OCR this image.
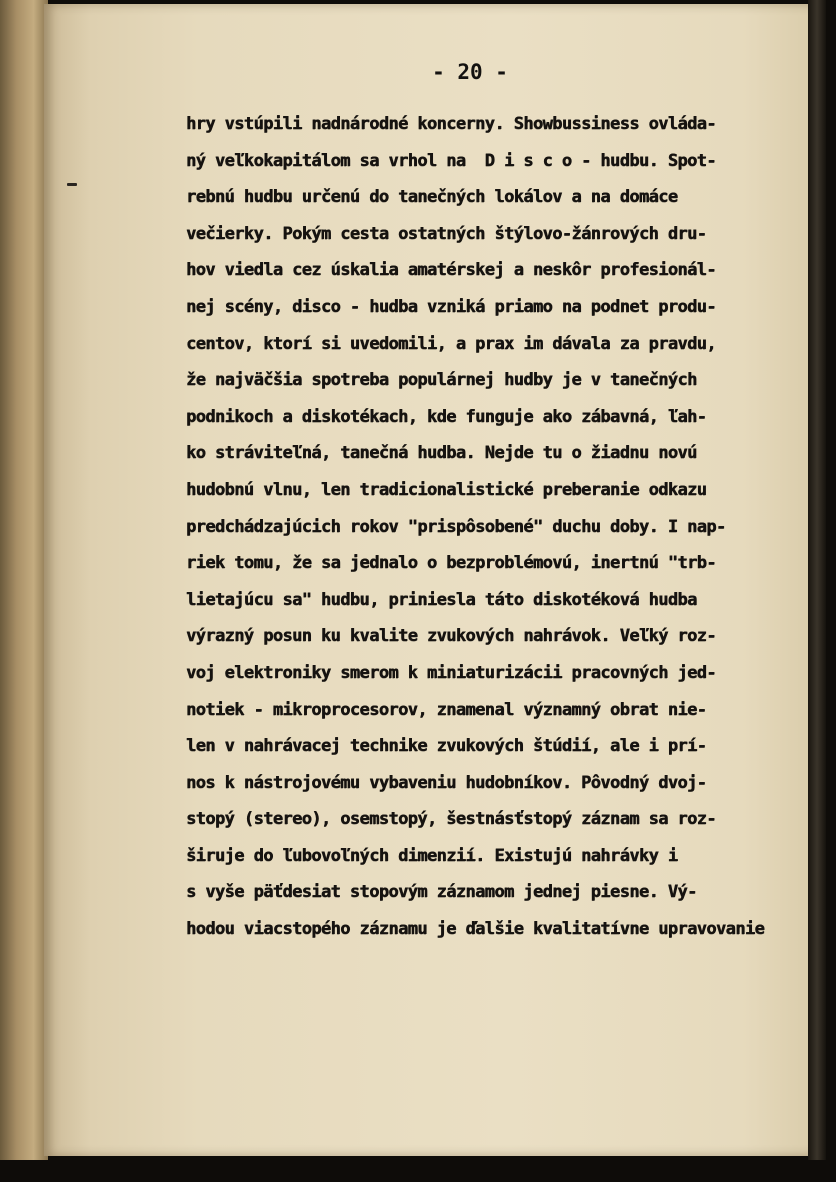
- 20 -
hry vstúpili nadnárodné koncerny. Showbussiness ovláda-
ný veľkokapitálom sa vrhol na  D i s c o - hudbu. Spot-
rebnú hudbu určenú do tanečných lokálov a na domáce
večierky. Pokým cesta ostatných štýlovo-žánrových dru-
hov viedla cez úskalia amatérskej a neskôr profesionál-
nej scény, disco - hudba vzniká priamo na podnet produ-
centov, ktorí si uvedomili, a prax im dávala za pravdu,
že najväčšia spotreba populárnej hudby je v tanečných
podnikoch a diskotékach, kde funguje ako zábavná, ľah-
ko stráviteľná, tanečná hudba. Nejde tu o žiadnu novú
hudobnú vlnu, len tradicionalistické preberanie odkazu
predchádzajúcich rokov "prispôsobené" duchu doby. I nap-
riek tomu, že sa jednalo o bezproblémovú, inertnú "trb-
lietajúcu sa" hudbu, priniesla táto diskotéková hudba
výrazný posun ku kvalite zvukových nahrávok. Veľký roz-
voj elektroniky smerom k miniaturizácii pracovných jed-
notiek - mikroprocesorov, znamenal významný obrat nie-
len v nahrávacej technike zvukových štúdií, ale i prí-
nos k nástrojovému vybaveniu hudobníkov. Pôvodný dvoj-
stopý (stereo), osemstopý, šestnásťstopý záznam sa roz-
širuje do ľubovoľných dimenzií. Existujú nahrávky i
s vyše päťdesiat stopovým záznamom jednej piesne. Vý-
hodou viacstopého záznamu je ďalšie kvalitatívne upravovanie
